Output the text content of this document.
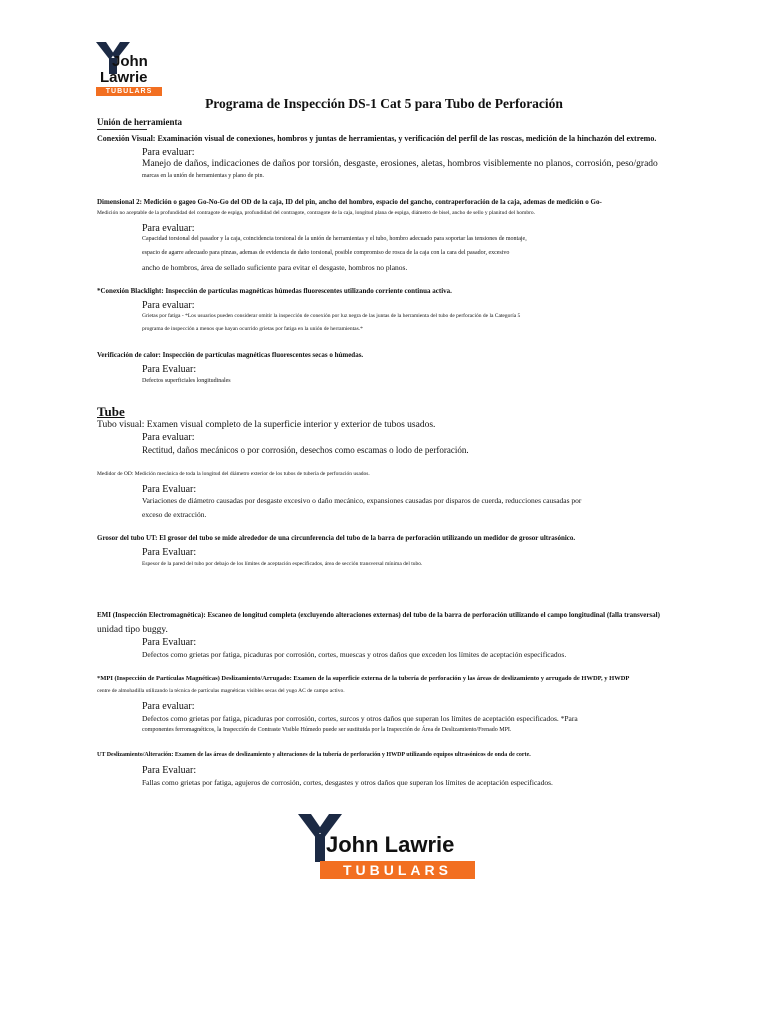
John
Lawrie
TUBULARS
Programa de Inspección DS-1 Cat 5 para Tubo de Perforación
Unión de herramienta
Conexión Visual: Examinación visual de conexiones, hombros y juntas de herramientas, y verificación del perfil de las roscas, medición de la hinchazón del extremo.
Para evaluar:
Manejo de daños, indicaciones de daños por torsión, desgaste, erosiones, aletas, hombros visiblemente no planos, corrosión, peso/grado
marcas en la unión de herramientas y plano de pin.
Dimensional 2: Medición o gageo Go-No-Go del OD de la caja, ID del pin, ancho del hombro, espacio del gancho, contraperforación de la caja, ademas de medición o Go-
Medición no aceptable de la profundidad del contragote de espiga, profundidad del contragote, contragote de la caja, longitud plana de espiga, diámetro de bisel, ancho de sello y planitud del hombro.
Para evaluar:
Capacidad torsional del pasador y la caja, coincidencia torsional de la unión de herramientas y el tubo, hombro adecuado para soportar las tensiones de montaje,
espacio de agarre adecuado para pinzas, ademas de evidencia de daño torsional, posible compromiso de rosca de la caja con la cara del pasador, excesivo
ancho de hombros, área de sellado suficiente para evitar el desgaste, hombros no planos.
*Conexión Blacklight: Inspección de partículas magnéticas húmedas fluorescentes utilizando corriente continua activa.
Para evaluar:
Grietas por fatiga - *Los usuarios pueden considerar omitir la inspección de conexión por luz negra de las juntas de la herramienta del tubo de perforación de la Categoría 5
programa de inspección a menos que hayan ocurrido grietas por fatiga en la unión de herramientas.*
Verificación de calor: Inspección de partículas magnéticas fluorescentes secas o húmedas.
Para Evaluar:
Defectos superficiales longitudinales
Tube
Tubo visual: Examen visual completo de la superficie interior y exterior de tubos usados.
Para evaluar:
Rectitud, daños mecánicos o por corrosión, desechos como escamas o lodo de perforación.
Medidor de OD: Medición mecánica de toda la longitud del diámetro exterior de los tubos de tubería de perforación usados.
Para Evaluar:
Variaciones de diámetro causadas por desgaste excesivo o daño mecánico, expansiones causadas por disparos de cuerda, reducciones causadas por
exceso de extracción.
Grosor del tubo UT: El grosor del tubo se mide alrededor de una circunferencia del tubo de la barra de perforación utilizando un medidor de grosor ultrasónico.
Para Evaluar:
Espesor de la pared del tubo por debajo de los límites de aceptación especificados, área de sección transversal mínima del tubo.
EMI (Inspección Electromagnética): Escaneo de longitud completa (excluyendo alteraciones externas) del tubo de la barra de perforación utilizando el campo longitudinal (falla transversal)
unidad tipo buggy.
Para Evaluar:
Defectos como grietas por fatiga, picaduras por corrosión, cortes, muescas y otros daños que exceden los límites de aceptación especificados.
*MPI (Inspección de Partículas Magnéticas) Deslizamiento/Arrugado: Examen de la superficie externa de la tubería de perforación y las áreas de deslizamiento y arrugado de HWDP, y HWDP
centre de almohadilla utilizando la técnica de partículas magnéticas visibles secas del yugo AC de campo activo.
Para evaluar:
Defectos como grietas por fatiga, picaduras por corrosión, cortes, surcos y otros daños que superan los límites de aceptación especificados. *Para
componentes ferromagnéticos, la Inspección de Contraste Visible Húmedo puede ser sustituida por la Inspección de Área de Deslizamiento/Frenado MPI.
UT Deslizamiento/Alteración: Examen de las áreas de deslizamiento y alteraciones de la tubería de perforación y HWDP utilizando equipos ultrasónicos de onda de corte.
Para Evaluar:
Fallas como grietas por fatiga, agujeros de corrosión, cortes, desgastes y otros daños que superan los límites de aceptación especificados.
John Lawrie
TUBULARS
